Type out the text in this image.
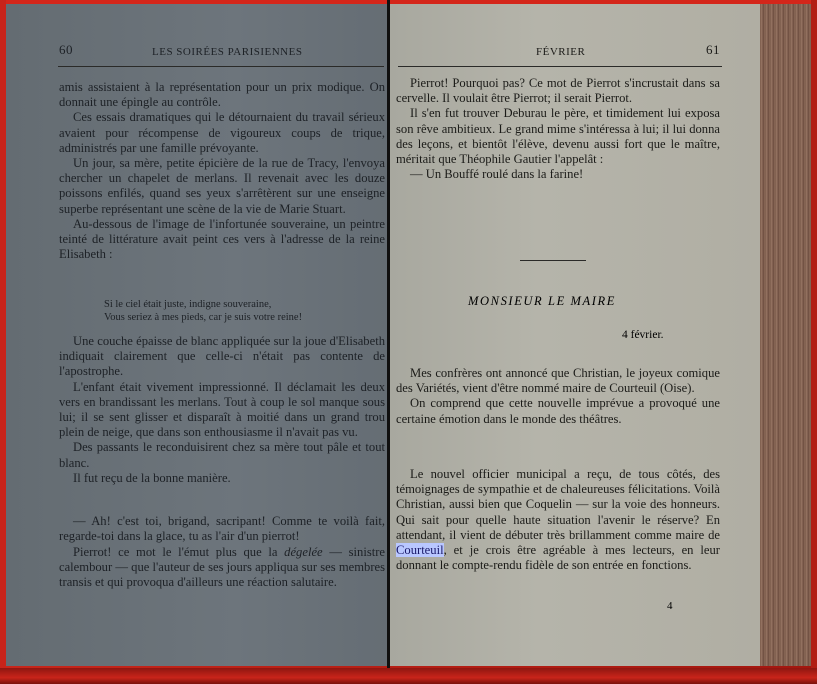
60	LES SOIRÉES PARISIENNES

amis assistaient à la représentation pour un prix modique. On donnait une épingle au contrôle.

Ces essais dramatiques qui le détournaient du travail sérieux avaient pour récompense de vigoureux coups de trique, administrés par une famille prévoyante.

Un jour, sa mère, petite épicière de la rue de Tracy, l'envoya chercher un chapelet de merlans. Il revenait avec les douze poissons enfilés, quand ses yeux s'arrêtèrent sur une enseigne superbe représentant une scène de la vie de Marie Stuart.

Au-dessous de l'image de l'infortunée souveraine, un peintre teinté de littérature avait peint ces vers à l'adresse de la reine Elisabeth :

Si le ciel était juste, indigne souveraine,
Vous seriez à mes pieds, car je suis votre reine!

Une couche épaisse de blanc appliquée sur la joue d'Elisabeth indiquait clairement que celle-ci n'était pas contente de l'apostrophe.

L'enfant était vivement impressionné. Il déclamait les deux vers en brandissant les merlans. Tout à coup le sol manque sous lui; il se sent glisser et disparaît à moitié dans un grand trou plein de neige, que dans son enthousiasme il n'avait pas vu.

Des passants le reconduisirent chez sa mère tout pâle et tout blanc.

Il fut reçu de la bonne manière.

— Ah! c'est toi, brigand, sacripant! Comme te voilà fait, regarde-toi dans la glace, tu as l'air d'un pierrot!

Pierrot! ce mot le l'émut plus que la dégelée — sinistre calembour — que l'auteur de ses jours appliqua sur ses membres transis et qui provoqua d'ailleurs une réaction salutaire.

FÉVRIER	61

Pierrot! Pourquoi pas? Ce mot de Pierrot s'incrustait dans sa cervelle. Il voulait être Pierrot; il serait Pierrot.

Il s'en fut trouver Deburau le père, et timidement lui exposa son rêve ambitieux. Le grand mime s'intéressa à lui; il lui donna des leçons, et bientôt l'élève, devenu aussi fort que le maître, méritait que Théophile Gautier l'appelât :

— Un Bouffé roulé dans la farine!

Mes confrères ont annoncé que Christian, le joyeux comique des Variétés, vient d'être nommé maire de Courteuil (Oise).

On comprend que cette nouvelle imprévue a provoqué une certaine émotion dans le monde des théâtres.

Le nouvel officier municipal a reçu, de tous côtés, des témoignages de sympathie et de chaleureuses félicitations. Voilà Christian, aussi bien que Coquelin — sur la voie des honneurs. Qui sait pour quelle haute situation l'avenir le réserve? En attendant, il vient de débuter très brillamment comme maire de Courteuil, et je crois être agréable à mes lecteurs, en leur donnant le compte-rendu fidèle de son entrée en fonctions.

MONSIEUR LE MAIRE
4 février.
4
